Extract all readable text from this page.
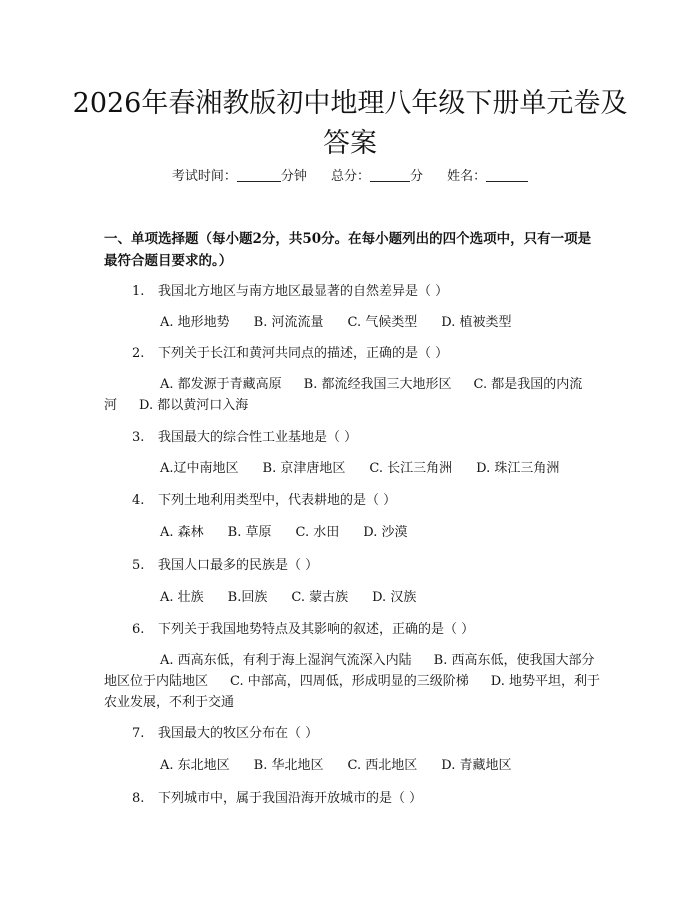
2026年春湘教版初中地理八年级下册单元卷及答案
考试时间：	分钟 总分：	分 姓名：

一、单项选择题（每小题2分，共50分。在每小题列出的四个选项中，只有一项是最符合题目要求的。）

1. 我国北方地区与南方地区最显著的自然差异是（ ）

A. 地形地势 B. 河流流量 C. 气候类型 D. 植被类型

2. 下列关于长江和黄河共同点的描述，正确的是（ ）

A. 都发源于青藏高原 B. 都流经我国三大地形区 C. 都是我国的内流河 D. 都以黄河口入海

3. 我国最大的综合性工业基地是（ ）

A.辽中南地区 B. 京津唐地区 C. 长江三角洲 D. 珠江三角洲

4. 下列土地利用类型中，代表耕地的是（ ）

A. 森林 B. 草原 C. 水田 D. 沙漠

5. 我国人口最多的民族是（ ）

A. 壮族 B.回族 C. 蒙古族 D. 汉族

6. 下列关于我国地势特点及其影响的叙述，正确的是（ ）

A. 西高东低，有利于海上湿润气流深入内陆 B. 西高东低，使我国大部分地区位于内陆地区 C. 中部高，四周低，形成明显的三级阶梯 D. 地势平坦，利于农业发展，不利于交通

7. 我国最大的牧区分布在（ ）

A. 东北地区 B. 华北地区 C. 西北地区 D. 青藏地区

8. 下列城市中，属于我国沿海开放城市的是（ ）
